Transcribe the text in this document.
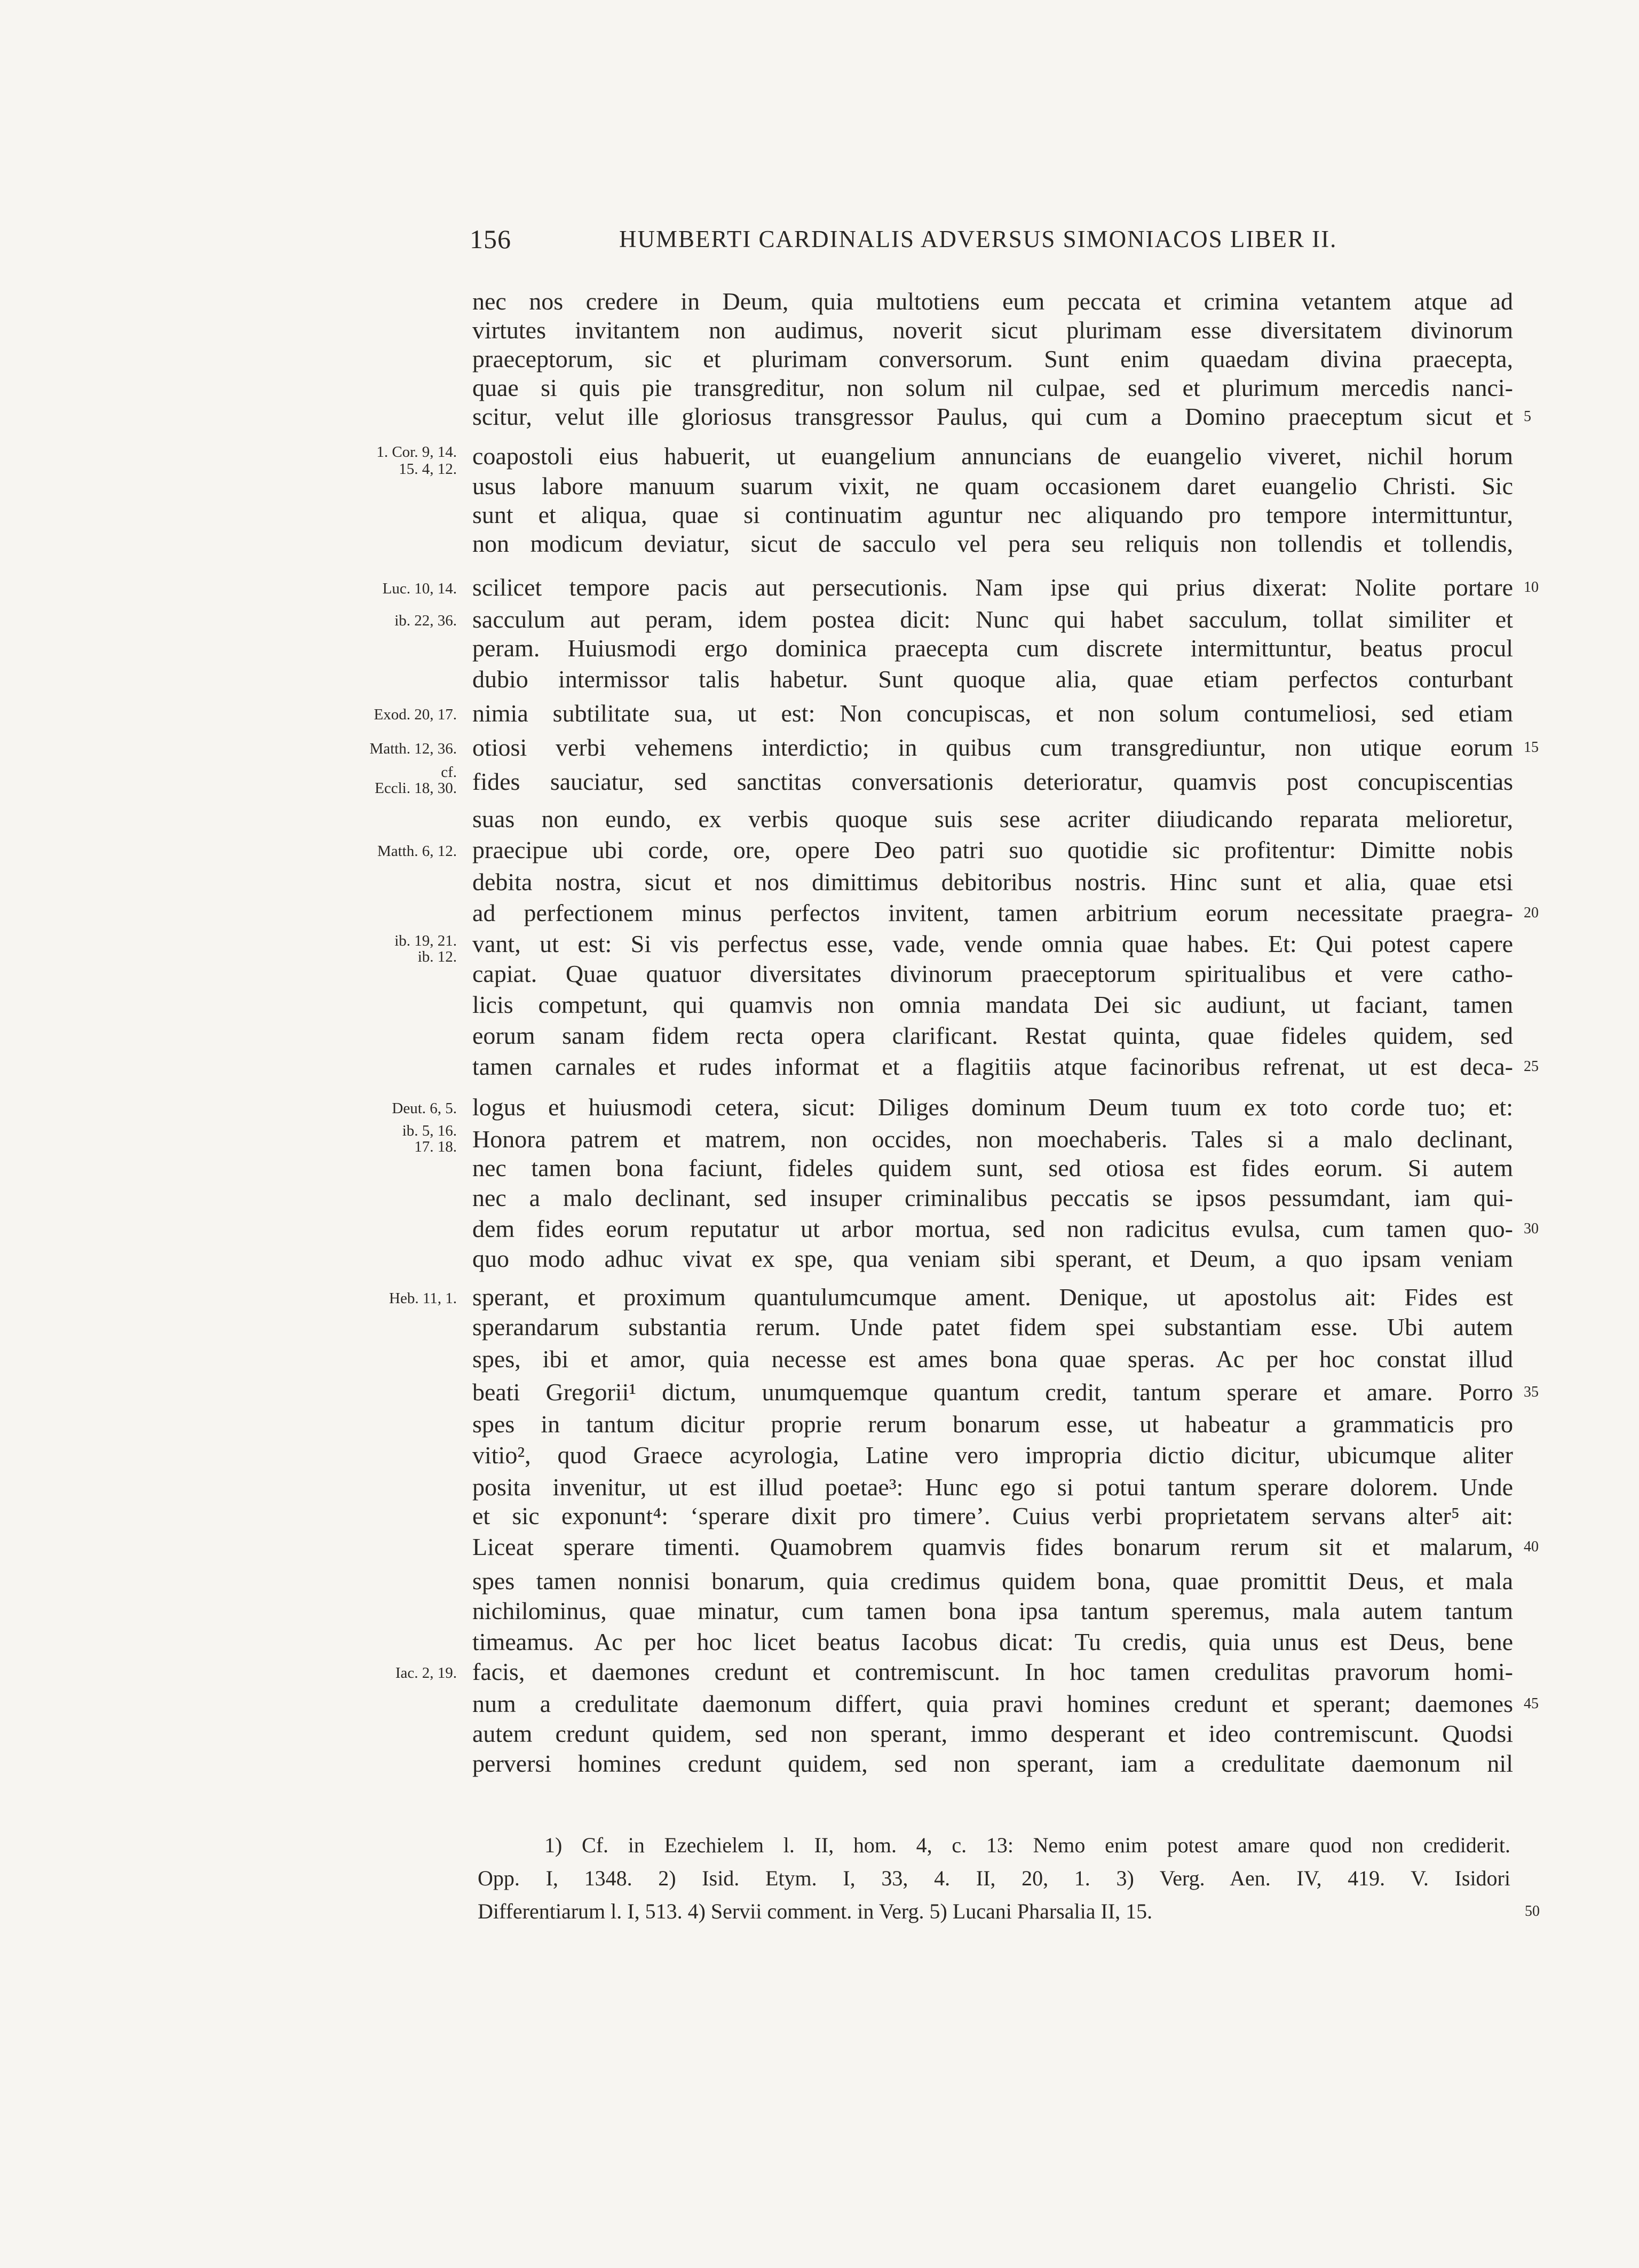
156	HUMBERTI CARDINALIS ADVERSUS SIMONIACOS LIBER II.
nec nos credere in Deum, quia multotiens eum peccata et crimina vetantem atque ad
virtutes invitantem non audimus, noverit sicut plurimam esse diversitatem divinorum
praeceptorum, sic et plurimam conversorum. Sunt enim quaedam divina praecepta,
quae si quis pie transgreditur, non solum nil culpae, sed et plurimum mercedis nanci-
scitur, velut ille gloriosus transgressor Paulus, qui cum a Domino praeceptum sicut et
coapostoli eius habuerit, ut euangelium annuncians de euangelio viveret, nichil horum
usus labore manuum suarum vixit, ne quam occasionem daret euangelio Christi. Sic
sunt et aliqua, quae si continuatim aguntur nec aliquando pro tempore intermittuntur,
non modicum deviatur, sicut de sacculo vel pera seu reliquis non tollendis et tollendis,
scilicet tempore pacis aut persecutionis. Nam ipse qui prius dixerat: Nolite portare
sacculum aut peram, idem postea dicit: Nunc qui habet sacculum, tollat similiter et
peram. Huiusmodi ergo dominica praecepta cum discrete intermittuntur, beatus procul
dubio intermissor talis habetur. Sunt quoque alia, quae etiam perfectos conturbant
nimia subtilitate sua, ut est: Non concupiscas, et non solum contumeliosi, sed etiam
otiosi verbi vehemens interdictio; in quibus cum transgrediuntur, non utique eorum
fides sauciatur, sed sanctitas conversationis deterioratur, quamvis post concupiscentias
suas non eundo, ex verbis quoque suis sese acriter diiudicando reparata melioretur,
praecipue ubi corde, ore, opere Deo patri suo quotidie sic profitentur: Dimitte nobis
debita nostra, sicut et nos dimittimus debitoribus nostris. Hinc sunt et alia, quae etsi
ad perfectionem minus perfectos invitent, tamen arbitrium eorum necessitate praegra-
vant, ut est: Si vis perfectus esse, vade, vende omnia quae habes. Et: Qui potest capere
capiat. Quae quatuor diversitates divinorum praeceptorum spiritualibus et vere catho-
licis competunt, qui quamvis non omnia mandata Dei sic audiunt, ut faciant, tamen
eorum sanam fidem recta opera clarificant. Restat quinta, quae fideles quidem, sed
tamen carnales et rudes informat et a flagitiis atque facinoribus refrenat, ut est deca-
logus et huiusmodi cetera, sicut: Diliges dominum Deum tuum ex toto corde tuo; et:
Honora patrem et matrem, non occides, non moechaberis. Tales si a malo declinant,
nec tamen bona faciunt, fideles quidem sunt, sed otiosa est fides eorum. Si autem
nec a malo declinant, sed insuper criminalibus peccatis se ipsos pessumdant, iam qui-
dem fides eorum reputatur ut arbor mortua, sed non radicitus evulsa, cum tamen quo-
quo modo adhuc vivat ex spe, qua veniam sibi sperant, et Deum, a quo ipsam veniam
sperant, et proximum quantulumcumque ament. Denique, ut apostolus ait: Fides est
sperandarum substantia rerum. Unde patet fidem spei substantiam esse. Ubi autem
spes, ibi et amor, quia necesse est ames bona quae speras. Ac per hoc constat illud
beati Gregorii¹ dictum, unumquemque quantum credit, tantum sperare et amare. Porro
spes in tantum dicitur proprie rerum bonarum esse, ut habeatur a grammaticis pro
vitio², quod Graece acyrologia, Latine vero impropria dictio dicitur, ubicumque aliter
posita invenitur, ut est illud poetae³: Hunc ego si potui tantum sperare dolorem. Unde
et sic exponunt⁴: ‘sperare dixit pro timere’. Cuius verbi proprietatem servans alter⁵ ait:
Liceat sperare timenti. Quamobrem quamvis fides bonarum rerum sit et malarum,
spes tamen nonnisi bonarum, quia credimus quidem bona, quae promittit Deus, et mala
nichilominus, quae minatur, cum tamen bona ipsa tantum speremus, mala autem tantum
timeamus. Ac per hoc licet beatus Iacobus dicat: Tu credis, quia unus est Deus, bene
facis, et daemones credunt et contremiscunt. In hoc tamen credulitas pravorum homi-
num a credulitate daemonum differt, quia pravi homines credunt et sperant; daemones
autem credunt quidem, sed non sperant, immo desperant et ideo contremiscunt. Quodsi
perversi homines credunt quidem, sed non sperant, iam a credulitate daemonum nil
1. Cor. 9, 14.
15. 4, 12.
Luc. 10, 14.
ib. 22, 36.
Exod. 20, 17.
Matth. 12, 36.
cf.
Eccli. 18, 30.
Matth. 6, 12.
ib. 19, 21.
ib. 12.
Deut. 6, 5.
ib. 5, 16.
17. 18.
Heb. 11, 1.
Iac. 2, 19.
5
10
15
20
25
30
35
40
45
50
1) Cf. in Ezechielem l. II, hom. 4, c. 13: Nemo enim potest amare quod non crediderit.
Opp. I, 1348. 2) Isid. Etym. I, 33, 4. II, 20, 1. 3) Verg. Aen. IV, 419. V. Isidori
Differentiarum l. I, 513. 4) Servii comment. in Verg. 5) Lucani Pharsalia II, 15.
